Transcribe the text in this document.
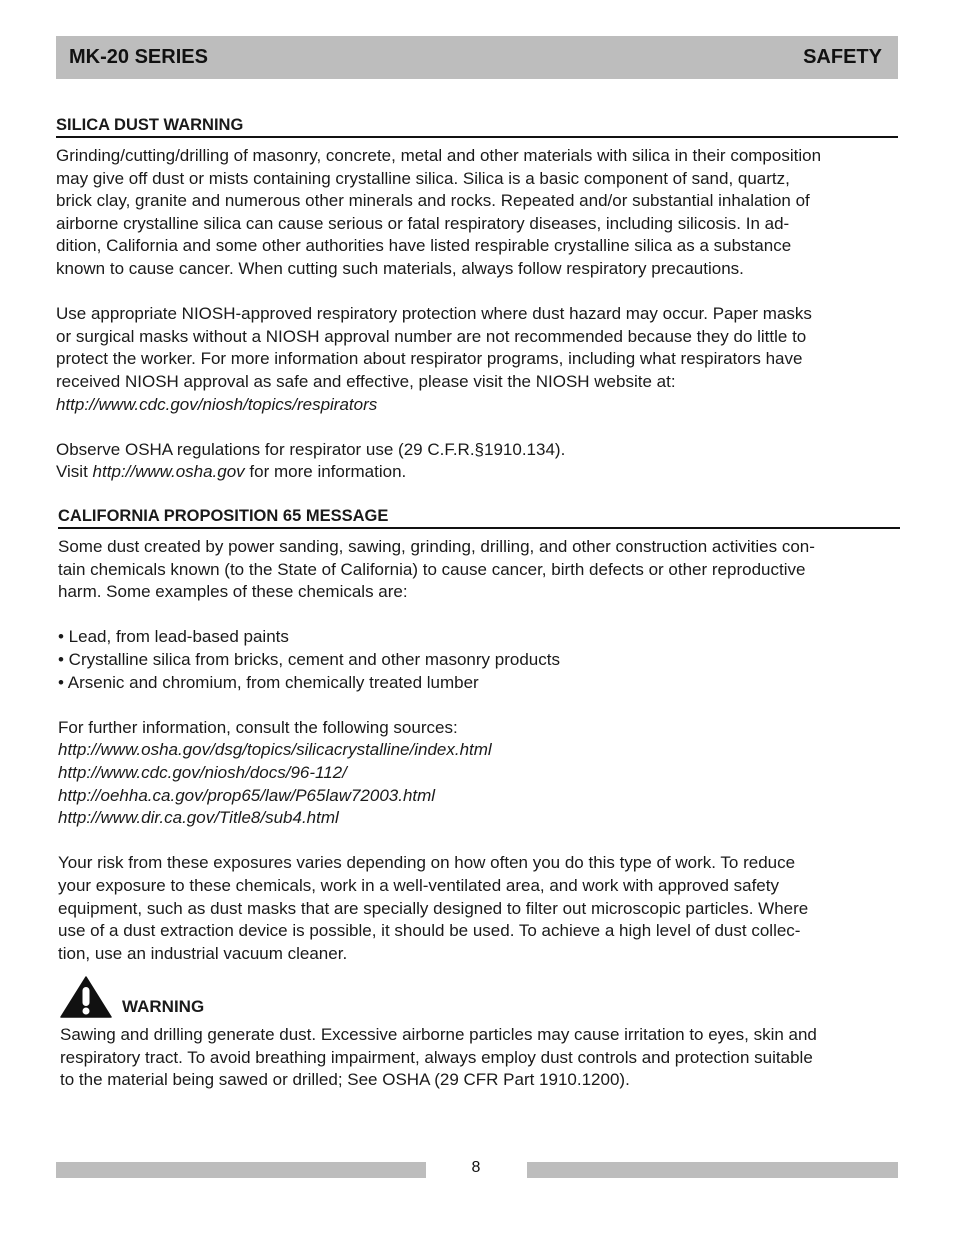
MK-20 SERIES	SAFETY
SILICA DUST WARNING
Grinding/cutting/drilling of masonry, concrete, metal and other materials with silica in their composition
may give off dust or mists containing crystalline silica. Silica is a basic component of sand, quartz,
brick clay, granite and numerous other minerals and rocks. Repeated and/or substantial inhalation of
airborne crystalline silica can cause serious or fatal respiratory diseases, including silicosis. In ad-
dition, California and some other authorities have listed respirable crystalline silica as a substance
known to cause cancer. When cutting such materials, always follow respiratory precautions.
Use appropriate NIOSH-approved respiratory protection where dust hazard may occur. Paper masks
or surgical masks without a NIOSH approval number are not recommended because they do little to
protect the worker. For more information about respirator programs, including what respirators have
received NIOSH approval as safe and effective, please visit the NIOSH website at:
http://www.cdc.gov/niosh/topics/respirators
Observe OSHA regulations for respirator use (29 C.F.R.§1910.134).
Visit http://www.osha.gov for more information.
CALIFORNIA PROPOSITION 65 MESSAGE
Some dust created by power sanding, sawing, grinding, drilling, and other construction activities con-
tain chemicals known (to the State of California) to cause cancer, birth defects or other reproductive
harm. Some examples of these chemicals are:
• Lead, from lead-based paints
• Crystalline silica from bricks, cement and other masonry products
• Arsenic and chromium, from chemically treated lumber
For further information, consult the following sources:
http://www.osha.gov/dsg/topics/silicacrystalline/index.html
http://www.cdc.gov/niosh/docs/96-112/
http://oehha.ca.gov/prop65/law/P65law72003.html
http://www.dir.ca.gov/Title8/sub4.html
Your risk from these exposures varies depending on how often you do this type of work. To reduce
your exposure to these chemicals, work in a well-ventilated area, and work with approved safety
equipment, such as dust masks that are specially designed to filter out microscopic particles. Where
use of a dust extraction device is possible, it should be used. To achieve a high level of dust collec-
tion, use an industrial vacuum cleaner.
WARNING
Sawing and drilling generate dust. Excessive airborne particles may cause irritation to eyes, skin and
respiratory tract. To avoid breathing impairment, always employ dust controls and protection suitable
to the material being sawed or drilled; See OSHA (29 CFR Part 1910.1200).
8
